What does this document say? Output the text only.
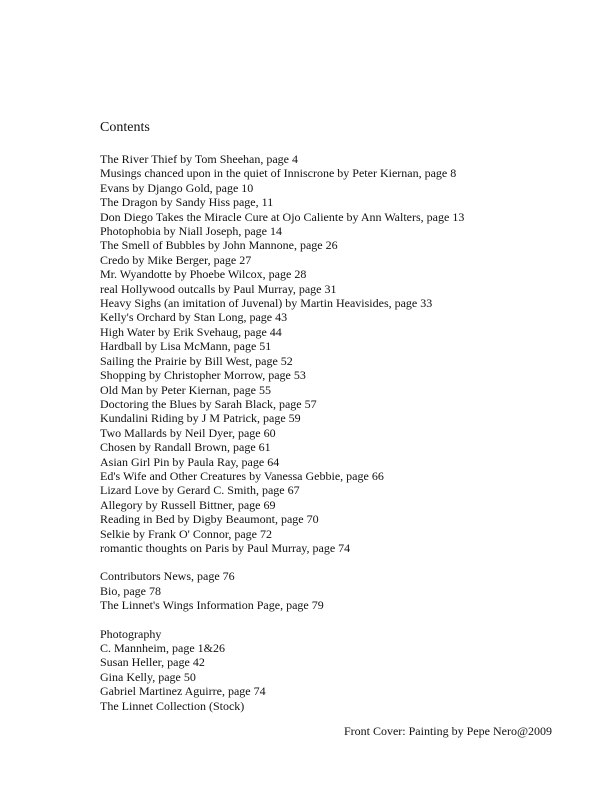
Contents
The River Thief by Tom Sheehan, page 4
Musings chanced upon in the quiet of Inniscrone by Peter Kiernan, page 8
Evans by Django Gold, page 10
The Dragon by Sandy Hiss page, 11
Don Diego Takes the Miracle Cure at Ojo Caliente by Ann Walters, page 13
Photophobia by Niall Joseph, page 14
The Smell of Bubbles by John Mannone, page 26
Credo by Mike Berger, page 27
Mr. Wyandotte by Phoebe Wilcox, page 28
real Hollywood outcalls by Paul Murray, page 31
Heavy Sighs (an imitation of Juvenal) by Martin Heavisides, page 33
Kelly's Orchard by Stan Long, page 43
High Water by Erik Svehaug, page 44
Hardball by Lisa McMann, page 51
Sailing the Prairie by Bill West, page 52
Shopping by Christopher Morrow, page 53
Old Man by Peter Kiernan, page 55
Doctoring the Blues by Sarah Black, page 57
Kundalini Riding by J M Patrick, page 59
Two Mallards by Neil Dyer, page 60
Chosen by Randall Brown, page 61
Asian Girl Pin by Paula Ray, page 64
Ed's Wife and Other Creatures by Vanessa Gebbie, page 66
Lizard Love by Gerard C. Smith, page 67
Allegory by Russell Bittner, page 69
Reading in Bed by Digby Beaumont, page 70
Selkie by Frank O' Connor, page 72
romantic thoughts on Paris by Paul Murray, page 74
Contributors News, page 76
Bio, page 78
The Linnet's Wings Information Page, page 79
Photography
C. Mannheim, page 1&26
Susan Heller, page 42
Gina Kelly, page 50
Gabriel Martinez Aguirre, page 74
The Linnet Collection (Stock)
Front Cover: Painting by Pepe Nero@2009
